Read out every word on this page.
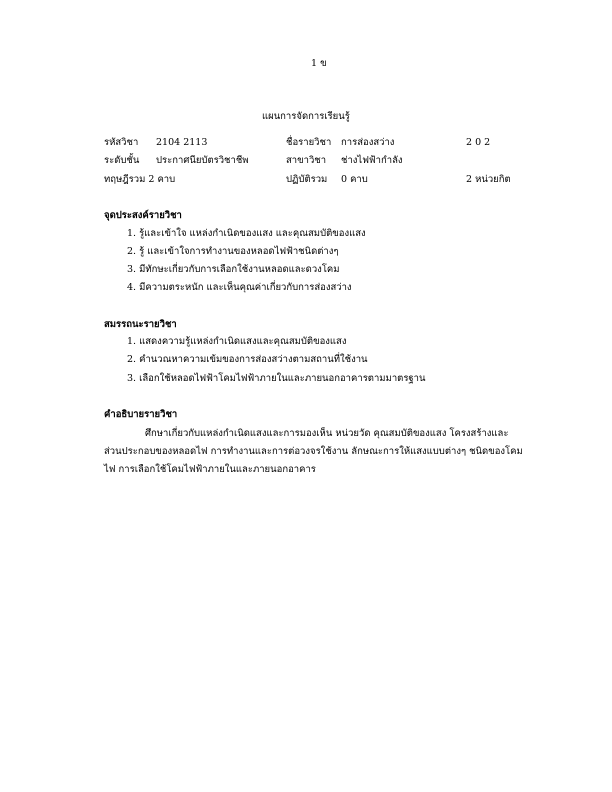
1 ข
แผนการจัดการเรียนรู้
รหัสวิชา 2104 2113	ชื่อรายวิชา การส่องสว่าง	2 0 2
ระดับชั้น ประกาศนียบัตรวิชาชีพ	สาขาวิชา ช่างไฟฟ้ากำลัง
ทฤษฎีรวม 2 คาบ	ปฏิบัติรวม 0 คาบ	2 หน่วยกิต
จุดประสงค์รายวิชา
1. รู้และเข้าใจ แหล่งกำเนิดของแสง และคุณสมบัติของแสง
2. รู้ และเข้าใจการทำงานของหลอดไฟฟ้าชนิดต่างๆ
3. มีทักษะเกี่ยวกับการเลือกใช้งานหลอดและดวงโคม
4. มีความตระหนัก และเห็นคุณค่าเกี่ยวกับการส่องสว่าง
สมรรถนะรายวิชา
1. แสดงความรู้แหล่งกำเนิดแสงและคุณสมบัติของแสง
2. คำนวณหาความเข้มของการส่องสว่างตามสถานที่ใช้งาน
3. เลือกใช้หลอดไฟฟ้าโคมไฟฟ้าภายในและภายนอกอาคารตามมาตรฐาน
คำอธิบายรายวิชา
ศึกษาเกี่ยวกับแหล่งกำเนิดแสงและการมองเห็น หน่วยวัด คุณสมบัติของแสง โครงสร้างและ
ส่วนประกอบของหลอดไฟ การทำงานและการต่อวงจรใช้งาน ลักษณะการให้แสงแบบต่างๆ ชนิดของโคม
ไฟ การเลือกใช้โคมไฟฟ้าภายในและภายนอกอาคาร
